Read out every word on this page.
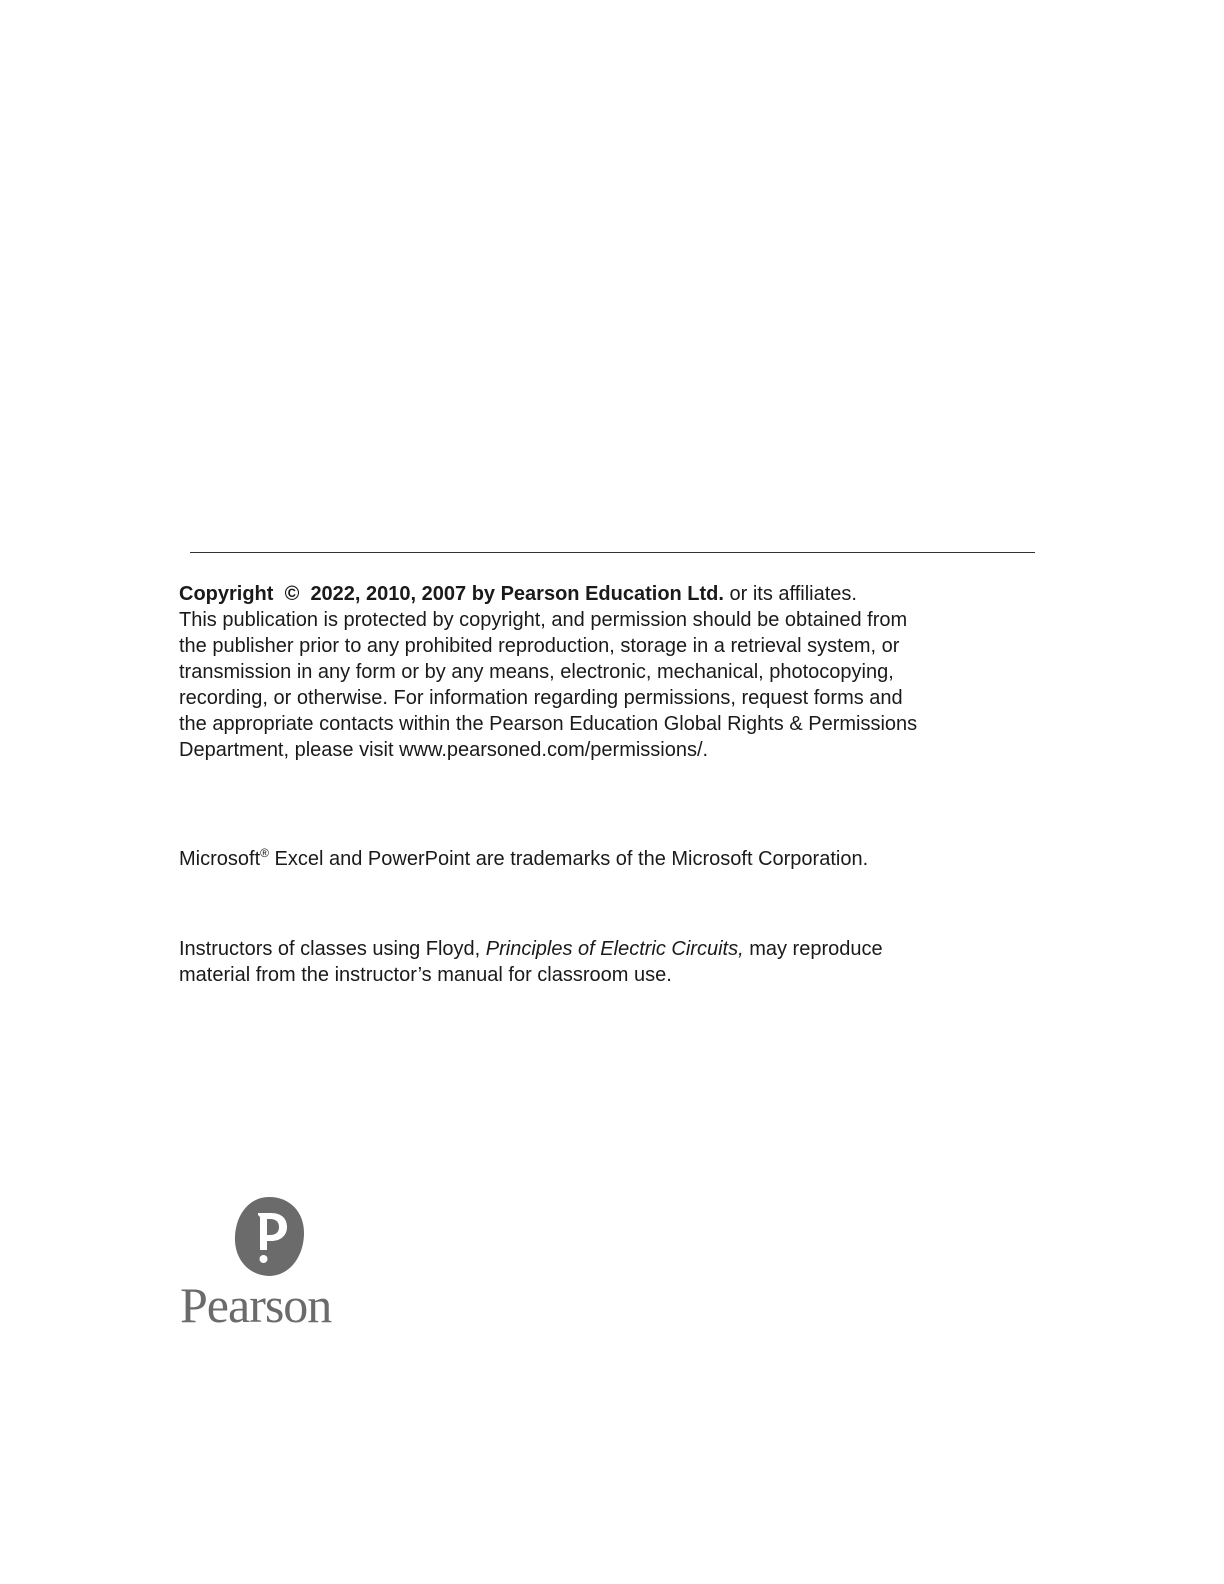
Copyright © 2022, 2010, 2007 by Pearson Education Ltd. or its affiliates.
This publication is protected by copyright, and permission should be obtained from
the publisher prior to any prohibited reproduction, storage in a retrieval system, or
transmission in any form or by any means, electronic, mechanical, photocopying,
recording, or otherwise. For information regarding permissions, request forms and
the appropriate contacts within the Pearson Education Global Rights & Permissions
Department, please visit www.pearsoned.com/permissions/.
Microsoft® Excel and PowerPoint are trademarks of the Microsoft Corporation.
Instructors of classes using Floyd, Principles of Electric Circuits, may reproduce
material from the instructor’s manual for classroom use.
Pearson
